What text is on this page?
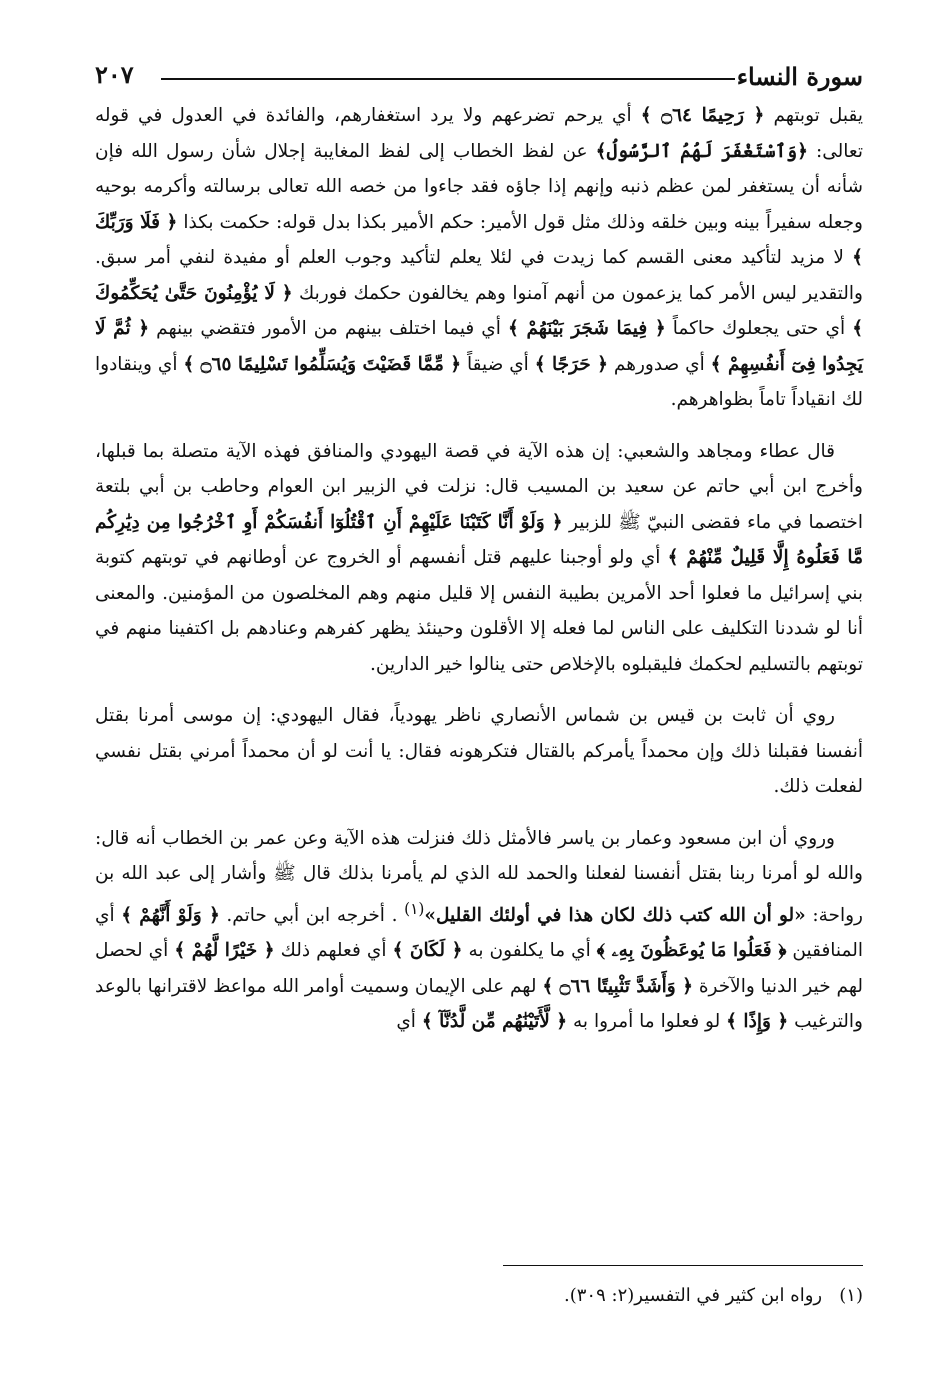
سورة النساء
٢٠٧

يقبل توبتهم ﴿ رَحِيمًا ۝٦٤ ﴾ أي يرحم تضرعهم ولا يرد استغفارهم، والفائدة في العدول في قوله تعالى: ﴿وَٱسْتَغْفَرَ لَهُمُ ٱلرَّسُولُ﴾ عن لفظ الخطاب إلى لفظ المغايبة إجلال شأن رسول الله فإن شأنه أن يستغفر لمن عظم ذنبه وإنهم إذا جاؤه فقد جاءوا من خصه الله تعالى برسالته وأكرمه بوحيه وجعله سفيراً بينه وبين خلقه وذلك مثل قول الأمير: حكم الأمير بكذا بدل قوله: حكمت بكذا ﴿ فَلَا وَرَبِّكَ ﴾ لا مزيد لتأكيد معنى القسم كما زيدت في لئلا يعلم لتأكيد وجوب العلم أو مفيدة لنفي أمر سبق. والتقدير ليس الأمر كما يزعمون من أنهم آمنوا وهم يخالفون حكمك فوربك ﴿ لَا يُؤْمِنُونَ حَتَّىٰ يُحَكِّمُوكَ ﴾ أي حتى يجعلوك حاكماً ﴿ فِيمَا شَجَرَ بَيْنَهُمْ ﴾ أي فيما اختلف بينهم من الأمور فتقضي بينهم ﴿ ثُمَّ لَا يَجِدُوا فِىٓ أَنفُسِهِمْ ﴾ أي صدورهم ﴿ حَرَجًا ﴾ أي ضيقاً ﴿ مِّمَّا قَضَيْتَ وَيُسَلِّمُوا تَسْلِيمًا ۝٦٥ ﴾ أي وينقادوا لك انقياداً تاماً بظواهرهم.

قال عطاء ومجاهد والشعبي: إن هذه الآية في قصة اليهودي والمنافق فهذه الآية متصلة بما قبلها، وأخرج ابن أبي حاتم عن سعيد بن المسيب قال: نزلت في الزبير ابن العوام وحاطب بن أبي بلتعة اختصما في ماء فقضى النبيّ ﷺ للزبير ﴿ وَلَوْ أَنَّا كَتَبْنَا عَلَيْهِمْ أَنِ ٱقْتُلُوٓا أَنفُسَكُمْ أَوِ ٱخْرُجُوا مِن دِيَٰرِكُم مَّا فَعَلُوهُ إِلَّا قَلِيلٌ مِّنْهُمْ ﴾ أي ولو أوجبنا عليهم قتل أنفسهم أو الخروج عن أوطانهم في توبتهم كتوبة بني إسرائيل ما فعلوا أحد الأمرين بطيبة النفس إلا قليل منهم وهم المخلصون من المؤمنين. والمعنى أنا لو شددنا التكليف على الناس لما فعله إلا الأقلون وحينئذ يظهر كفرهم وعنادهم بل اكتفينا منهم في توبتهم بالتسليم لحكمك فليقبلوه بالإخلاص حتى ينالوا خير الدارين.

روي أن ثابت بن قيس بن شماس الأنصاري ناظر يهودياً، فقال اليهودي: إن موسى أمرنا بقتل أنفسنا فقبلنا ذلك وإن محمداً يأمركم بالقتال فتكرهونه فقال: يا أنت لو أن محمداً أمرني بقتل نفسي لفعلت ذلك.

وروي أن ابن مسعود وعمار بن ياسر فالأمثل ذلك فنزلت هذه الآية وعن عمر بن الخطاب أنه قال: والله لو أمرنا ربنا بقتل أنفسنا لفعلنا والحمد لله الذي لم يأمرنا بذلك قال ﷺ وأشار إلى عبد الله بن رواحة: «لو أن الله كتب ذلك لكان هذا في أولئك القليل»$^{(١)}$ . أخرجه ابن أبي حاتم. ﴿ وَلَوْ أَنَّهُمْ ﴾ أي المنافقين ﴿ فَعَلُوا مَا يُوعَظُونَ بِهِۦ ﴾ أي ما يكلفون به ﴿ لَكَانَ ﴾ أي فعلهم ذلك ﴿ خَيْرًا لَّهُمْ ﴾ أي لحصل لهم خير الدنيا والآخرة ﴿ وَأَشَدَّ تَثْبِيتًا ۝٦٦ ﴾ لهم على الإيمان وسميت أوامر الله مواعظ لاقترانها بالوعد والترغيب ﴿ وَإِذًا ﴾ لو فعلوا ما أمروا به ﴿ لَّأَتَيْنَٰهُم مِّن لَّدُنَّآ ﴾ أي

(١)   رواه ابن كثير في التفسير(٢: ٣٠٩).
